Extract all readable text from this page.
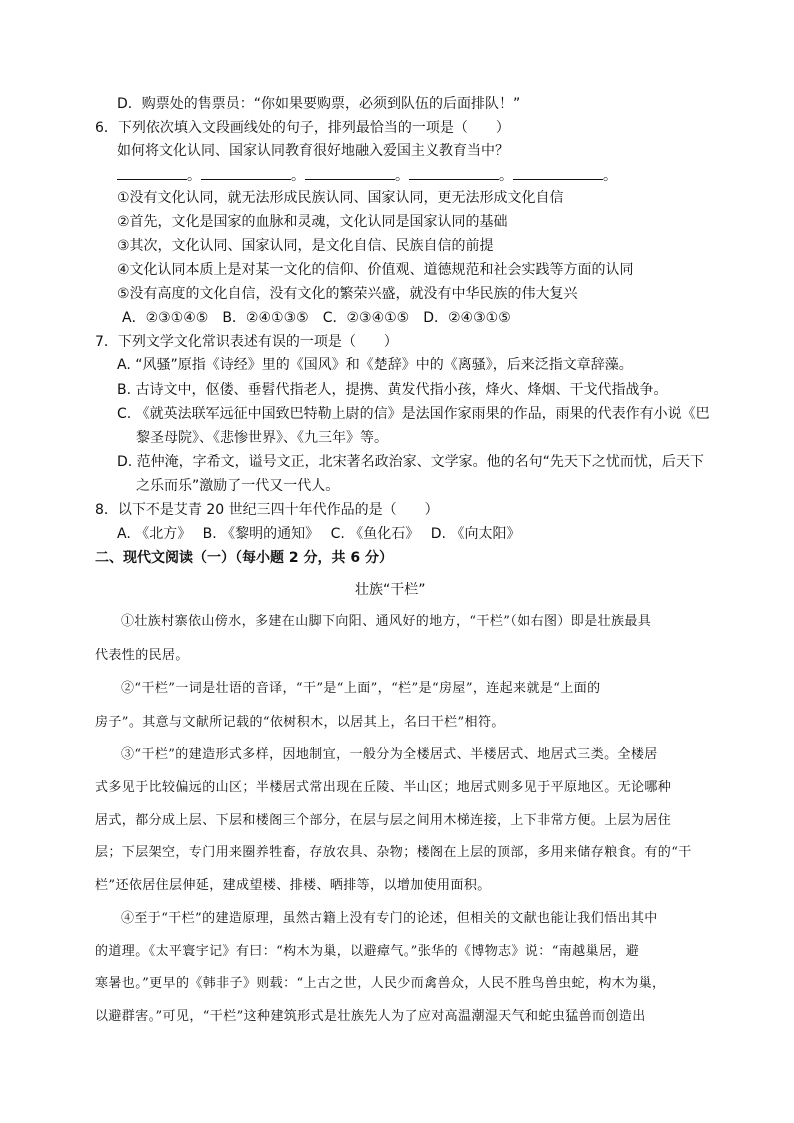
D．购票处的售票员：“你如果要购票，必须到队伍的后面排队！”
6．下列依次填入文段画线处的句子，排列最恰当的一项是（　　）
如何将文化认同、国家认同教育很好地融入爱国主义教育当中？
。	。	。	。	。
①没有文化认同，就无法形成民族认同、国家认同，更无法形成文化自信
②首先，文化是国家的血脉和灵魂，文化认同是国家认同的基础
③其次，文化认同、国家认同，是文化自信、民族自信的前提
④文化认同本质上是对某一文化的信仰、价值观、道德规范和社会实践等方面的认同
⑤没有高度的文化自信，没有文化的繁荣兴盛，就没有中华民族的伟大复兴
A．②③①④⑤　B．②④①③⑤　C．②③④①⑤　D．②④③①⑤
7．下列文学文化常识表述有误的一项是（　　）
A. “风骚”原指《诗经》里的《国风》和《楚辞》中的《离骚》，后来泛指文章辞藻。
B. 古诗文中，伛偻、垂髫代指老人，提携、黄发代指小孩，烽火、烽烟、干戈代指战争。
C. 《就英法联军远征中国致巴特勒上尉的信》是法国作家雨果的作品，雨果的代表作有小说《巴
黎圣母院》、《悲惨世界》、《九三年》等。
D. 范仲淹，字希文，谥号文正，北宋著名政治家、文学家。他的名句“先天下之忧而忧，后天下
之乐而乐”激励了一代又一代人。
8．以下不是艾青 20 世纪三四十年代作品的是（　　）
A. 《北方》　 B. 《黎明的通知》　 C. 《鱼化石》　 D. 《向太阳》
二、现代文阅读（一）（每小题 2 分，共 6 分）
壮族“干栏”
①壮族村寨依山傍水，多建在山脚下向阳、通风好的地方，“干栏”（如右图）即是壮族最具
代表性的民居。
②“干栏”一词是壮语的音译，“干”是“上面”，“栏”是“房屋”，连起来就是“上面的
房子”。其意与文献所记载的“依树积木，以居其上，名曰干栏”相符。
③“干栏”的建造形式多样，因地制宜，一般分为全楼居式、半楼居式、地居式三类。全楼居
式多见于比较偏远的山区；半楼居式常出现在丘陵、半山区；地居式则多见于平原地区。无论哪种
居式，都分成上层、下层和楼阁三个部分，在层与层之间用木梯连接，上下非常方便。上层为居住
层；下层架空，专门用来圈养牲畜，存放农具、杂物；楼阁在上层的顶部，多用来储存粮食。有的“干
栏”还依居住层伸延，建成望楼、排楼、晒排等，以增加使用面积。
④至于“干栏”的建造原理，虽然古籍上没有专门的论述，但相关的文献也能让我们悟出其中
的道理。《太平寰宇记》有曰：“构木为巢，以避瘴气。”张华的《博物志》说：“南越巢居，避
寒暑也。”更早的《韩非子》则载：“上古之世，人民少而禽兽众，人民不胜鸟兽虫蛇，构木为巢，
以避群害。”可见，“干栏”这种建筑形式是壮族先人为了应对高温潮湿天气和蛇虫猛兽而创造出
